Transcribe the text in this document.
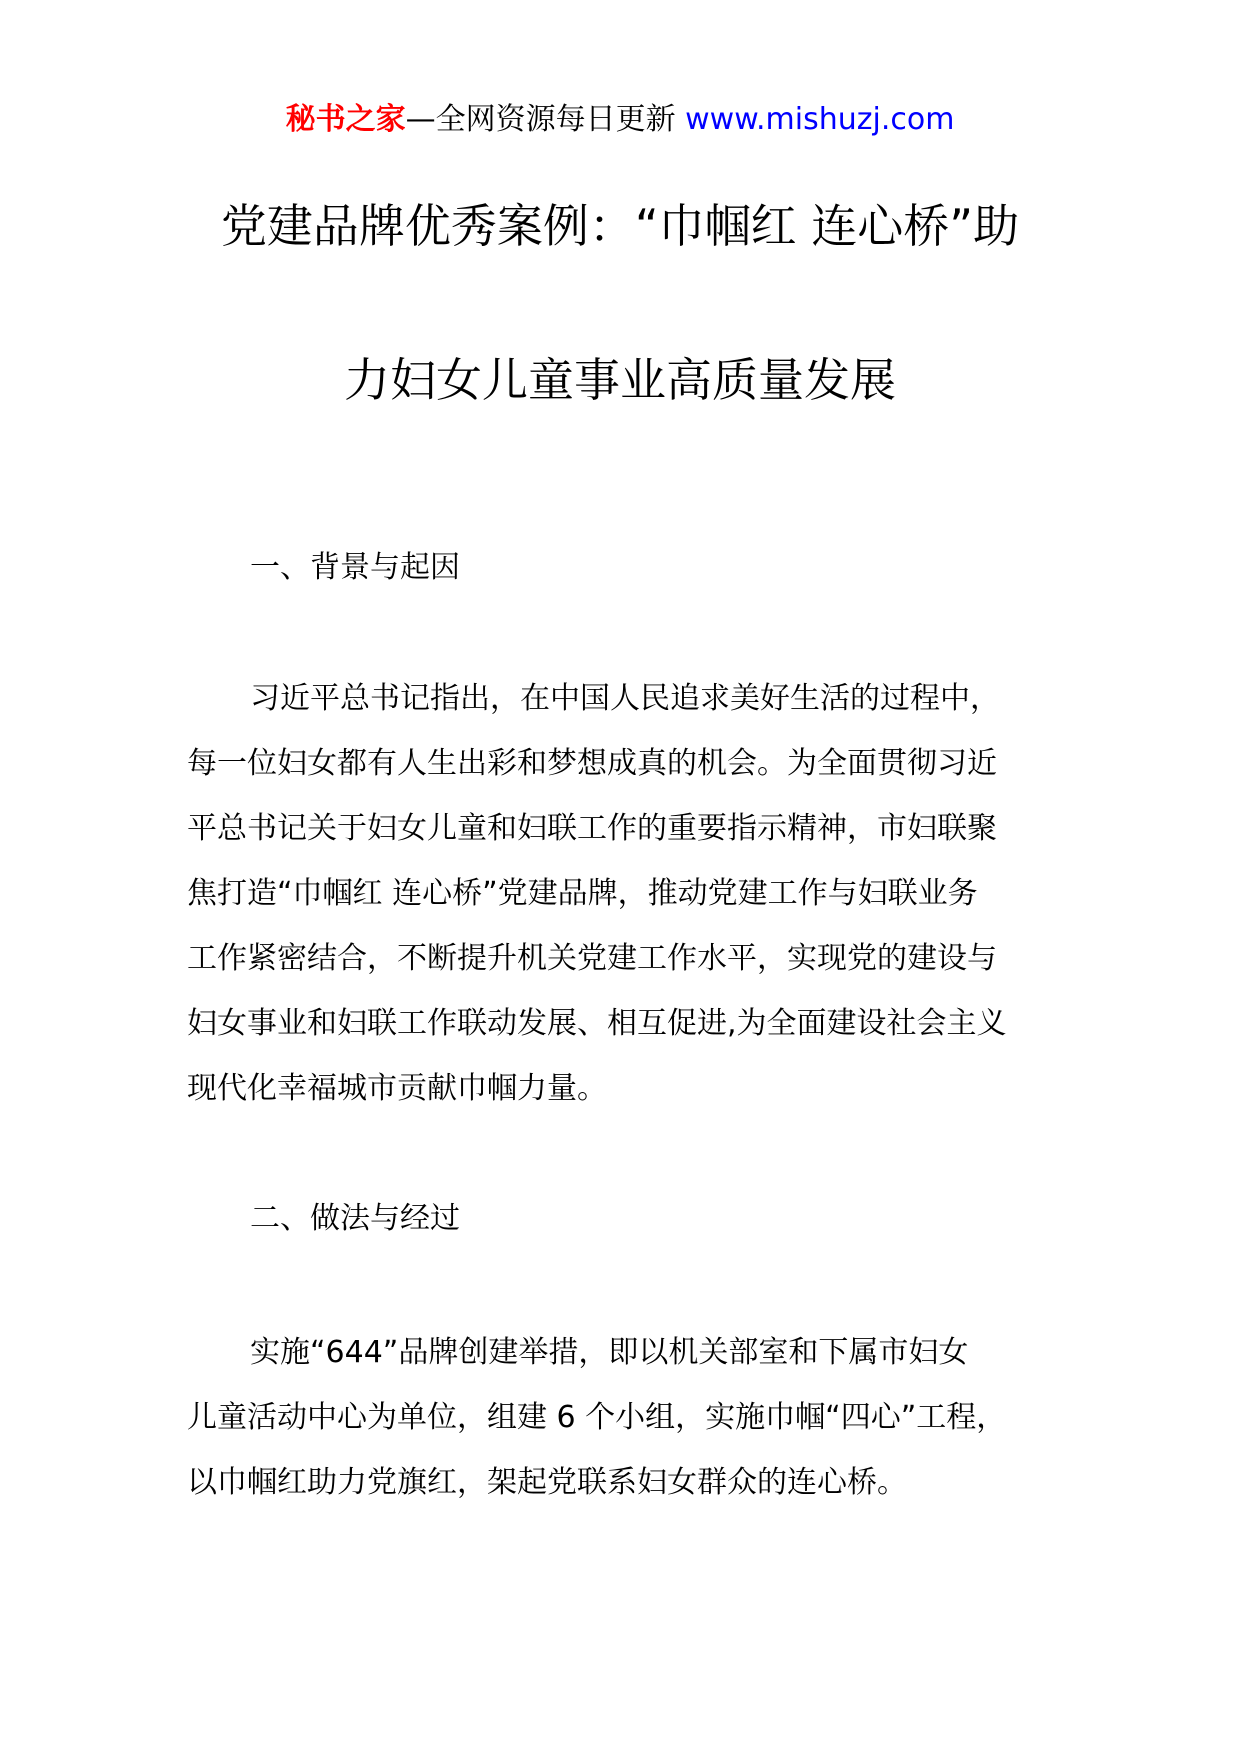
秘书之家—全网资源每日更新 www.mishuzj.com
党建品牌优秀案例：“巾帼红 连心桥”助
力妇女儿童事业高质量发展
一、背景与起因
习近平总书记指出，在中国人民追求美好生活的过程中，
每一位妇女都有人生出彩和梦想成真的机会。为全面贯彻习近
平总书记关于妇女儿童和妇联工作的重要指示精神，市妇联聚
焦打造“巾帼红 连心桥”党建品牌，推动党建工作与妇联业务
工作紧密结合，不断提升机关党建工作水平，实现党的建设与
妇女事业和妇联工作联动发展、相互促进,为全面建设社会主义
现代化幸福城市贡献巾帼力量。
二、做法与经过
实施“644”品牌创建举措，即以机关部室和下属市妇女
儿童活动中心为单位，组建 6 个小组，实施巾帼“四心”工程，
以巾帼红助力党旗红，架起党联系妇女群众的连心桥。
